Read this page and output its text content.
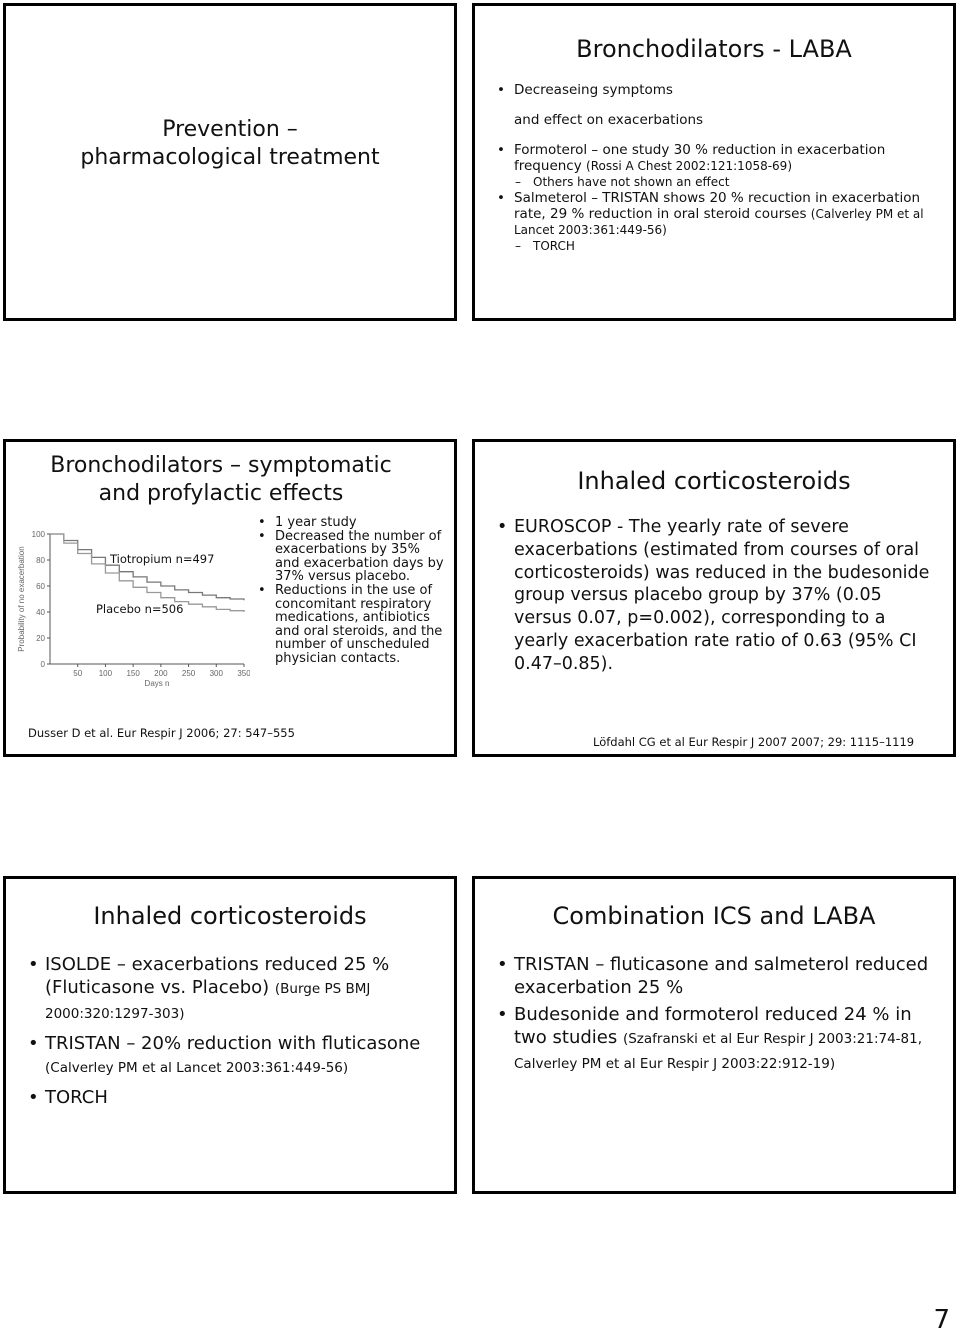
Prevention –
pharmacological treatment
Bronchodilators - LABA
• Decreaseing symptoms
and effect on exacerbations
• Formoterol – one study 30 % reduction in exacerbation frequency (Rossi A Chest 2002:121:1058-69)
– Others have not shown an effect
• Salmeterol – TRISTAN shows 20 % recuction in exacerbation rate, 29 % reduction in oral steroid courses (Calverley PM et al Lancet 2003:361:449-56)
– TORCH
Bronchodilators – symptomatic
and profylactic effects
0
20
40
60
80
100
50 100 150 200 250 300 350
Days n
Probability of no exacerbation	Tiotropium n=497
Placebo n=506
Dusser D et al. Eur Respir J 2006; 27: 547–555
• 1 year study
• Decreased the number of exacerbations by 35% and exacerbation days by 37% versus placebo.
• Reductions in the use of concomitant respiratory medications, antibiotics and oral steroids, and the number of unscheduled physician contacts.
Inhaled corticosteroids
• EUROSCOP - The yearly rate of severe exacerbations (estimated from courses of oral corticosteroids) was reduced in the budesonide group versus placebo group by 37% (0.05 versus 0.07, p=0.002), corresponding to a yearly exacerbation rate ratio of 0.63 (95% CI 0.47–0.85).
Löfdahl CG et al Eur Respir J 2007 2007; 29: 1115–1119
Inhaled corticosteroids
• ISOLDE – exacerbations reduced 25 % (Fluticasone vs. Placebo) (Burge PS BMJ 2000:320:1297-303)
• TRISTAN – 20% reduction with fluticasone (Calverley PM et al Lancet 2003:361:449-56)
• TORCH
Combination ICS and LABA
• TRISTAN – fluticasone and salmeterol reduced exacerbation 25 %
• Budesonide and formoterol reduced 24 % in two studies (Szafranski et al Eur Respir J 2003:21:74-81, Calverley PM et al Eur Respir J 2003:22:912-19)
7
